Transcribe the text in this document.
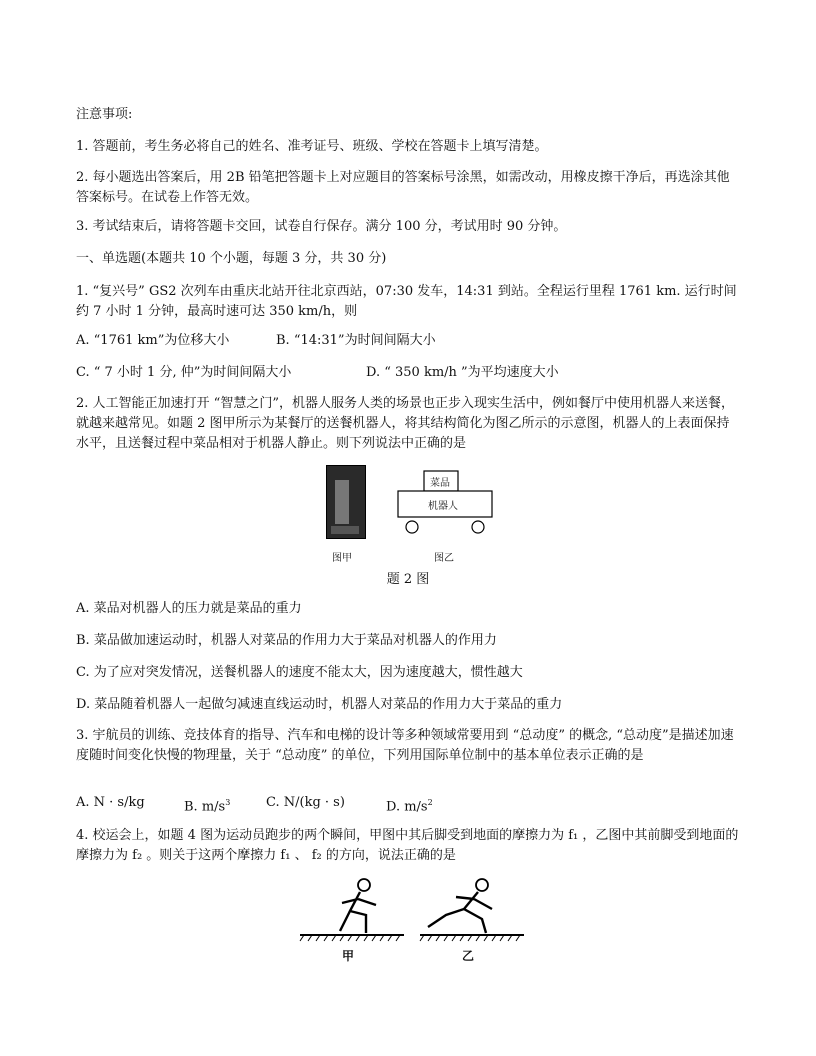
注意事项:
1. 答题前，考生务必将自己的姓名、准考证号、班级、学校在答题卡上填写清楚。
2. 每小题选出答案后，用 2B 铅笔把答题卡上对应题目的答案标号涂黑，如需改动，用橡皮擦干净后，再选涂其他答案标号。在试卷上作答无效。
3. 考试结束后，请将答题卡交回，试卷自行保存。满分 100 分，考试用时 90 分钟。
一、单选题(本题共 10 个小题，每题 3 分，共 30 分)
1. “复兴号” GS2 次列车由重庆北站开往北京西站，07:30 发车，14:31 到站。全程运行里程 1761 km. 运行时间约 7 小时 1 分钟，最高时速可达 350 km/h，则
A. “1761 km”为位移大小	B. “14:31”为时间间隔大小
C. “ 7 小时 1 分, 仲”为时间间隔大小	D. “ 350 km/h ”为平均速度大小
2. 人工智能正加速打开 “智慧之门”，机器人服务人类的场景也正步入现实生活中，例如餐厅中使用机器人来送餐，就越来越常见。如题 2 图甲所示为某餐厅的送餐机器人，将其结构简化为图乙所示的示意图，机器人的上表面保持水平，且送餐过程中菜品相对于机器人静止。则下列说法中正确的是
图甲
菜品
机器人
图乙
题 2 图
A. 菜品对机器人的压力就是菜品的重力
B. 菜品做加速运动时，机器人对菜品的作用力大于菜品对机器人的作用力
C. 为了应对突发情况，送餐机器人的速度不能太大，因为速度越大，惯性越大
D. 菜品随着机器人一起做匀减速直线运动时，机器人对菜品的作用力大于菜品的重力
3. 宇航员的训练、竞技体育的指导、汽车和电梯的设计等多种领域常要用到 “总动度” 的概念, “总动度”是描述加速度随时间变化快慢的物理量，关于 “总动度” 的单位，下列用国际单位制中的基本单位表示正确的是
A. N · s/kg	B. $m/s^3$	C. N/(kg · s)	D. $m/s^2$
4. 校运会上，如题 4 图为运动员跑步的两个瞬间，甲图中其后脚受到地面的摩擦力为 f₁ ，乙图中其前脚受到地面的摩擦力为 f₂ 。则关于这两个摩擦力 f₁ 、 f₂ 的方向，说法正确的是
甲	乙
